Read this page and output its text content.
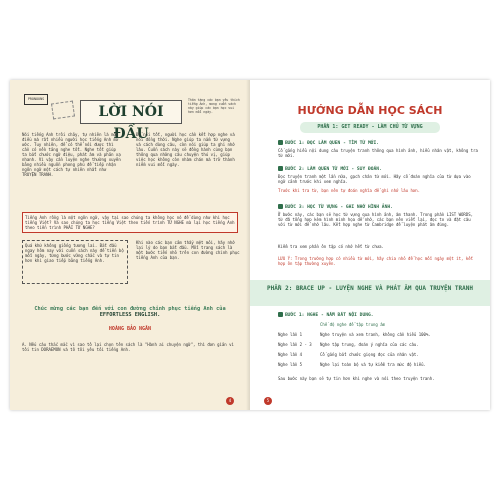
PRONOUNS
LỜI NÓI ĐẦU
Thân tặng các bạn yêu thích tiếng Anh, mong cuốn sách này giúp các bạn học vui hơn mỗi ngày.
Nói tiếng Anh trôi chảy, tự nhiên là một điều mà rất nhiều người học tiếng Anh mơ ước. Tuy nhiên, để có thể nói được thì cần có nền tảng nghe tốt. Nghe tốt giúp ta bắt chước ngữ điệu, phát âm và phản xạ nhanh. Vì vậy cần luyện nghe thường xuyên bằng nhiều nguồn phong phú để tiếp nhận ngôn ngữ một cách tự nhiên nhất như TRUYỆN TRANH.
Để nói tốt, người học cần kết hợp nghe và nói đồng thời. Nghe giúp ta nắm từ vựng và cách dùng câu, còn nói giúp ta ghi nhớ lâu. Cuốn sách này sẽ đồng hành cùng bạn thông qua những câu chuyện thú vị, giúp việc học không còn nhàm chán mà trở thành niềm vui mỗi ngày.
Tiếng Anh rồng là một ngôn ngữ, vậy tại sao chúng ta không học nó để dùng như khi học tiếng Việt? Và sao chúng ta học tiếng Việt theo tiến trình TỪ NGHE mà lại học tiếng Anh theo tiến trình PHẢI TỪ NGHE?
Quá khứ không giống tương lai. Bắt đầu ngay hôm nay với cuốn sách này để tiến bộ mỗi ngày, từng bước vững chắc và tự tin hơn khi giao tiếp bằng tiếng Anh.
Khi nào các bạn cảm thấy mệt mỏi, hãy nhớ lại lý do bạn bắt đầu. Mỗi trang sách là một bước tiến nhỏ trên con đường chinh phục tiếng Anh của bạn.
Chúc mừng các bạn đến với con đường chinh phục tiếng Anh của
EFFORTLESS ENGLISH.
HOÀNG BẢO NGÂN
A. Nếu câu thắc mắc vì sao tô lại chọn tên sách là "Hành ai chuyện ngữ", thì đơn giản vì tôi tin DORAEMON và tô tôi yêu tôi tiếng Anh.
4
HƯỚNG DẪN HỌC SÁCH
PHẦN 1: GET READY - LÀM CHỦ TỪ VỰNG
BƯỚC 1: ĐỌC LÀM QUEN - TÌM TỪ MỚI.
Cố gắng hiểu nội dung câu truyện tranh thông qua hình ảnh, hiểu nhân vật, không tra từ mới.
BƯỚC 2: LÀM QUEN TỪ MỚI - SUY ĐOÁN.
Đọc truyện tranh một lần nữa, gạch chân từ mới. Hãy cố đoán nghĩa của từ dựa vào ngữ cảnh trước khi xem nghĩa.
Trước khi tra từ, bạn nên tự đoán nghĩa để ghi nhớ lâu hơn.
BƯỚC 3: HỌC TỪ VỰNG - GHI NHỚ HÌNH ẢNH.
Ở bước này, các bạn sẽ học từ vựng qua hình ảnh, âm thanh. Trong phần LIST WORDS, từ đã tổng hợp kèm hình minh họa dễ nhớ, các bạn nên viết lại, đọc to và đặt câu với từ mới để nhớ lâu. Kết hợp nghe từ Cambridge để luyện phát âm đúng.
Kiểm tra xem phần ôn tập có nhớ hết từ chưa.
LƯU Ý: Trong trường hợp có nhiều từ mới, hãy chia nhỏ để học mỗi ngày một ít, kết hợp ôn tập thường xuyên.
PHẦN 2: BRACE UP - LUYỆN NGHE VÀ PHÁT ÂM QUA TRUYỆN TRANH
BƯỚC 1: NGHE - NẮM BẮT NỘI DUNG.
Chế độ nghe để tập trung âm
Nghe lần 1	Nghe truyện và xem tranh, không cần hiểu 100%.
Nghe lần 2 - 3	Nghe tập trung, đoán ý nghĩa của các câu.
Nghe lần 4	Cố gắng bắt chước giọng đọc của nhân vật.
Nghe lần 5	Nghe lại toàn bộ và tự kiểm tra mức độ hiểu.
Sau bước này bạn sẽ tự tin hơn khi nghe và nói theo truyện tranh.
5
